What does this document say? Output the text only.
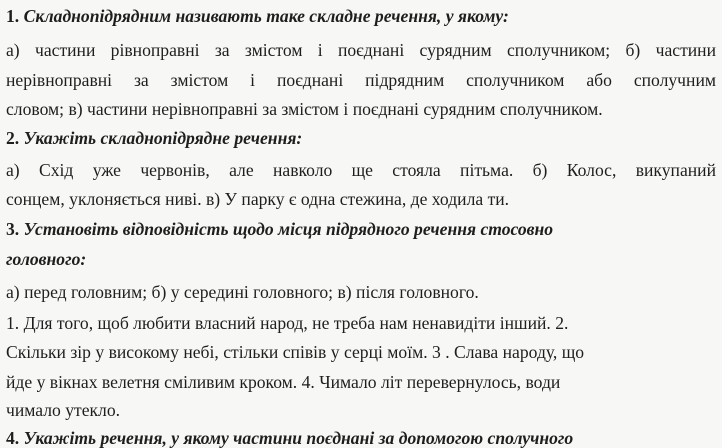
1. Складнопідрядним називають таке складне речення, у якому:
а) частини рівноправні за змістом і поєднані сурядним сполучником; б) частини
нерівноправні за змістом і поєднані підрядним сполучником або сполучним
словом; в) частини нерівноправні за змістом і поєднані сурядним сполучником.
2. Укажіть складнопідрядне речення:
а) Схід уже червонів, але навколо ще стояла пітьма. б) Колос, викупаний
сонцем, уклоняється ниві. в) У парку є одна стежина, де ходила ти.
3. Установіть відповідність щодо місця підрядного речення стосовно
головного:
а) перед головним; б) у середині головного; в) після головного.
1. Для того, щоб любити власний народ, не треба нам ненавидіти інший. 2.
Скільки зір у високому небі, стільки співів у серці моїм. 3 . Слава народу, що
йде у вікнах велетня сміливим кроком. 4. Чимало літ перевернулось, води
чимало утекло.
4. Укажіть речення, у якому частини поєднані за допомогою сполучного
